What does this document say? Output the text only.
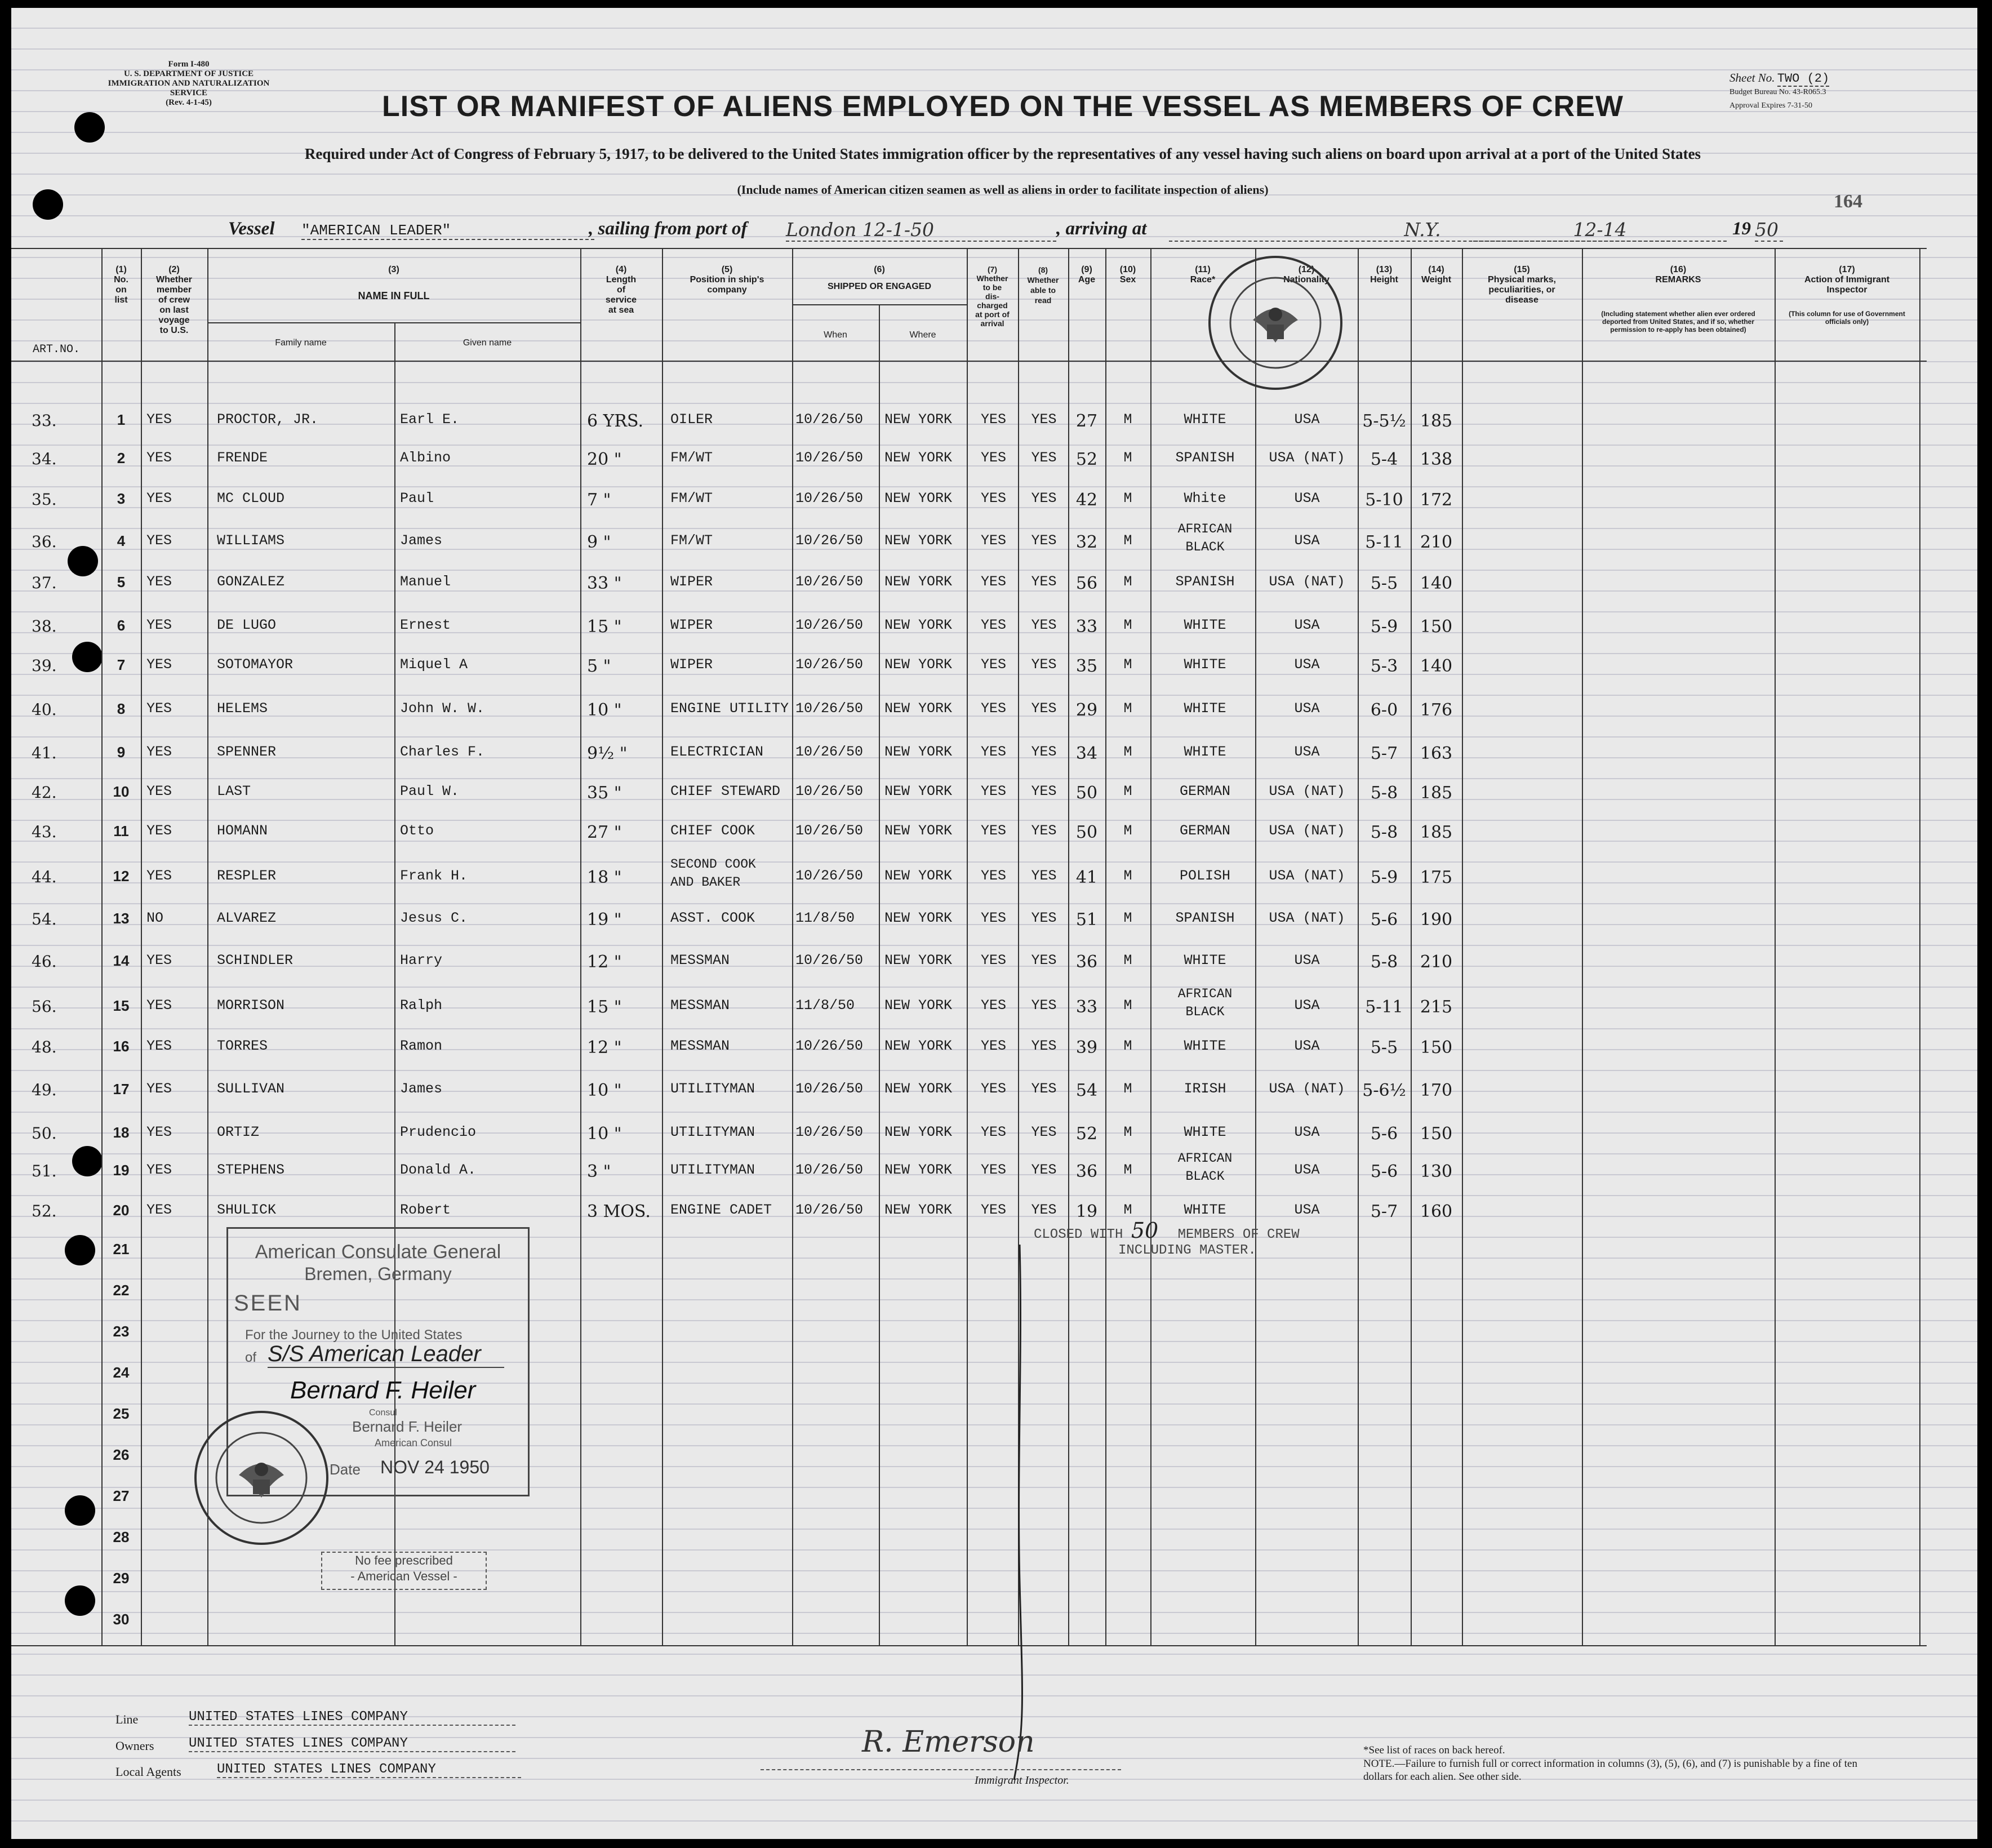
Form I-480
U. S. DEPARTMENT OF JUSTICE
IMMIGRATION AND NATURALIZATION SERVICE
(Rev. 4-1-45)	LIST OR MANIFEST OF ALIENS EMPLOYED ON THE VESSEL AS MEMBERS OF CREW
Required under Act of Congress of February 5, 1917, to be delivered to the United States immigration officer by the representatives of any vessel having such aliens on board upon arrival at a port of the United States
(Include names of American citizen seamen as well as aliens in order to facilitate inspection of aliens)
Sheet No. TWO (2)
Budget Bureau No. 43-R065.3
Approval Expires 7-31-50
164
Vessel "AMERICAN LEADER"	, sailing from port of London 12-1-50	, arriving at	N.Y.	12-14	19 50
(1)
No.
on
list
(2)
Whether
member
of crew
on last
voyage
to U.S.
(3)
NAME IN FULL
Family name	Given name
(4)
Length
of
service
at sea
(5)
Position in ship's
company
(6)
SHIPPED OR ENGAGED
When	Where
(7)
Whether
to be
dis-
charged
at port of
arrival
(8)
Whether
able to
read
(9)
Age
(10)
Sex
(11)
Race*
(12)
Nationality
(13)
Height
(14)
Weight
(15)
Physical marks,
peculiarities, or
disease
(16)
REMARKS
(Including statement whether alien ever ordered deported from United States, and if so, whether permission to re-apply has been obtained)
(17)
Action of Immigrant
Inspector
(This column for use of Government officials only)
ART.NO.
33.	1	YES	PROCTOR, JR.	Earl E.	6 YRS.	OILER	10/26/50	NEW YORK	YES	YES	27	M	WHITE	USA	5-5½ 185
34.	2	YES	FRENDE	Albino	20 "	FM/WT	10/26/50	NEW YORK	YES	YES	52	M	SPANISH	USA (NAT)	5-4	138
35.	3	YES	MC CLOUD	Paul	7 "	FM/WT	10/26/50	NEW YORK	YES	YES	42	M	White	USA	5-10	172
36.	4	YES	WILLIAMS	James	9 "	FM/WT	10/26/50	NEW YORK	YES	YES	32	M
AFRICAN
BLACK	USA	5-11	210
37.	5	YES	GONZALEZ	Manuel	33 "	WIPER	10/26/50	NEW YORK	YES	YES	56	M	SPANISH	USA (NAT)	5-5	140
38.	6	YES	DE LUGO	Ernest	15 "	WIPER	10/26/50	NEW YORK	YES	YES	33	M	WHITE	USA	5-9	150
39.	7	YES	SOTOMAYOR	Miquel A	5 "	WIPER	10/26/50	NEW YORK	YES	YES	35	M	WHITE	USA	5-3	140
40.	8	YES	HELEMS	John W. W.	10 "	ENGINE UTILITY 10/26/50	NEW YORK	YES	YES	29	M	WHITE	USA	6-0	176
41.	9	YES	SPENNER	Charles F.	9½ "	ELECTRICIAN	10/26/50	NEW YORK	YES	YES	34	M	WHITE	USA	5-7	163
42.	10	YES	LAST	Paul W.	35 "	CHIEF STEWARD	10/26/50	NEW YORK	YES	YES	50	M	GERMAN	USA (NAT)	5-8	185
43.	11	YES	HOMANN	Otto	27 "	CHIEF COOK	10/26/50	NEW YORK	YES	YES	50	M	GERMAN	USA (NAT)	5-8	185
44.	12	YES	RESPLER	Frank H.	18 "
SECOND COOK
AND BAKER	10/26/50	NEW YORK	YES	YES	41	M	POLISH	USA (NAT)	5-9	175
54.	13	NO	ALVAREZ	Jesus C.	19 "	ASST. COOK	11/8/50	NEW YORK	YES	YES	51	M	SPANISH	USA (NAT)	5-6	190
46.	14	YES	SCHINDLER	Harry	12 "	MESSMAN	10/26/50	NEW YORK	YES	YES	36	M	WHITE	USA	5-8	210
56.	15	YES	MORRISON	Ralph	15 "	MESSMAN	11/8/50	NEW YORK	YES	YES	33	M
AFRICAN
BLACK	USA	5-11	215
48.	16	YES	TORRES	Ramon	12 "	MESSMAN	10/26/50	NEW YORK	YES	YES	39	M	WHITE	USA	5-5	150
49.	17	YES	SULLIVAN	James	10 "	UTILITYMAN	10/26/50	NEW YORK	YES	YES	54	M	IRISH	USA (NAT)	5-6½ 170
50.	18	YES	ORTIZ	Prudencio	10 "	UTILITYMAN	10/26/50	NEW YORK	YES	YES	52	M	WHITE	USA	5-6	150
51.	19	YES	STEPHENS	Donald A.	3 "	UTILITYMAN	10/26/50	NEW YORK	YES	YES	36	M
AFRICAN
BLACK	USA	5-6	130
52.	20	YES	SHULICK	Robert	3 MOS.	ENGINE CADET	10/26/50	NEW YORK	YES	YES	19	M	WHITE	USA	5-7	160
21
22
23
24
25
26
27
28
29
30
CLOSED WITH 50 MEMBERS OF CREW
INCLUDING MASTER.
American Consulate General
Bremen, Germany
SEEN
For the Journey to the United States
of S/S American Leader
Bernard F. Heiler
Consul
Bernard F. Heiler
American Consul
Date NOV 24 1950
No fee prescribed
- American Vessel -
Line	UNITED STATES LINES COMPANY
Owners	UNITED STATES LINES COMPANY
Local Agents	UNITED STATES LINES COMPANY
R. Emerson
Immigrant Inspector.
*See list of races on back hereof.
NOTE.—Failure to furnish full or correct information in columns (3), (5), (6), and (7) is punishable by a fine of ten dollars for each alien. See other side.
